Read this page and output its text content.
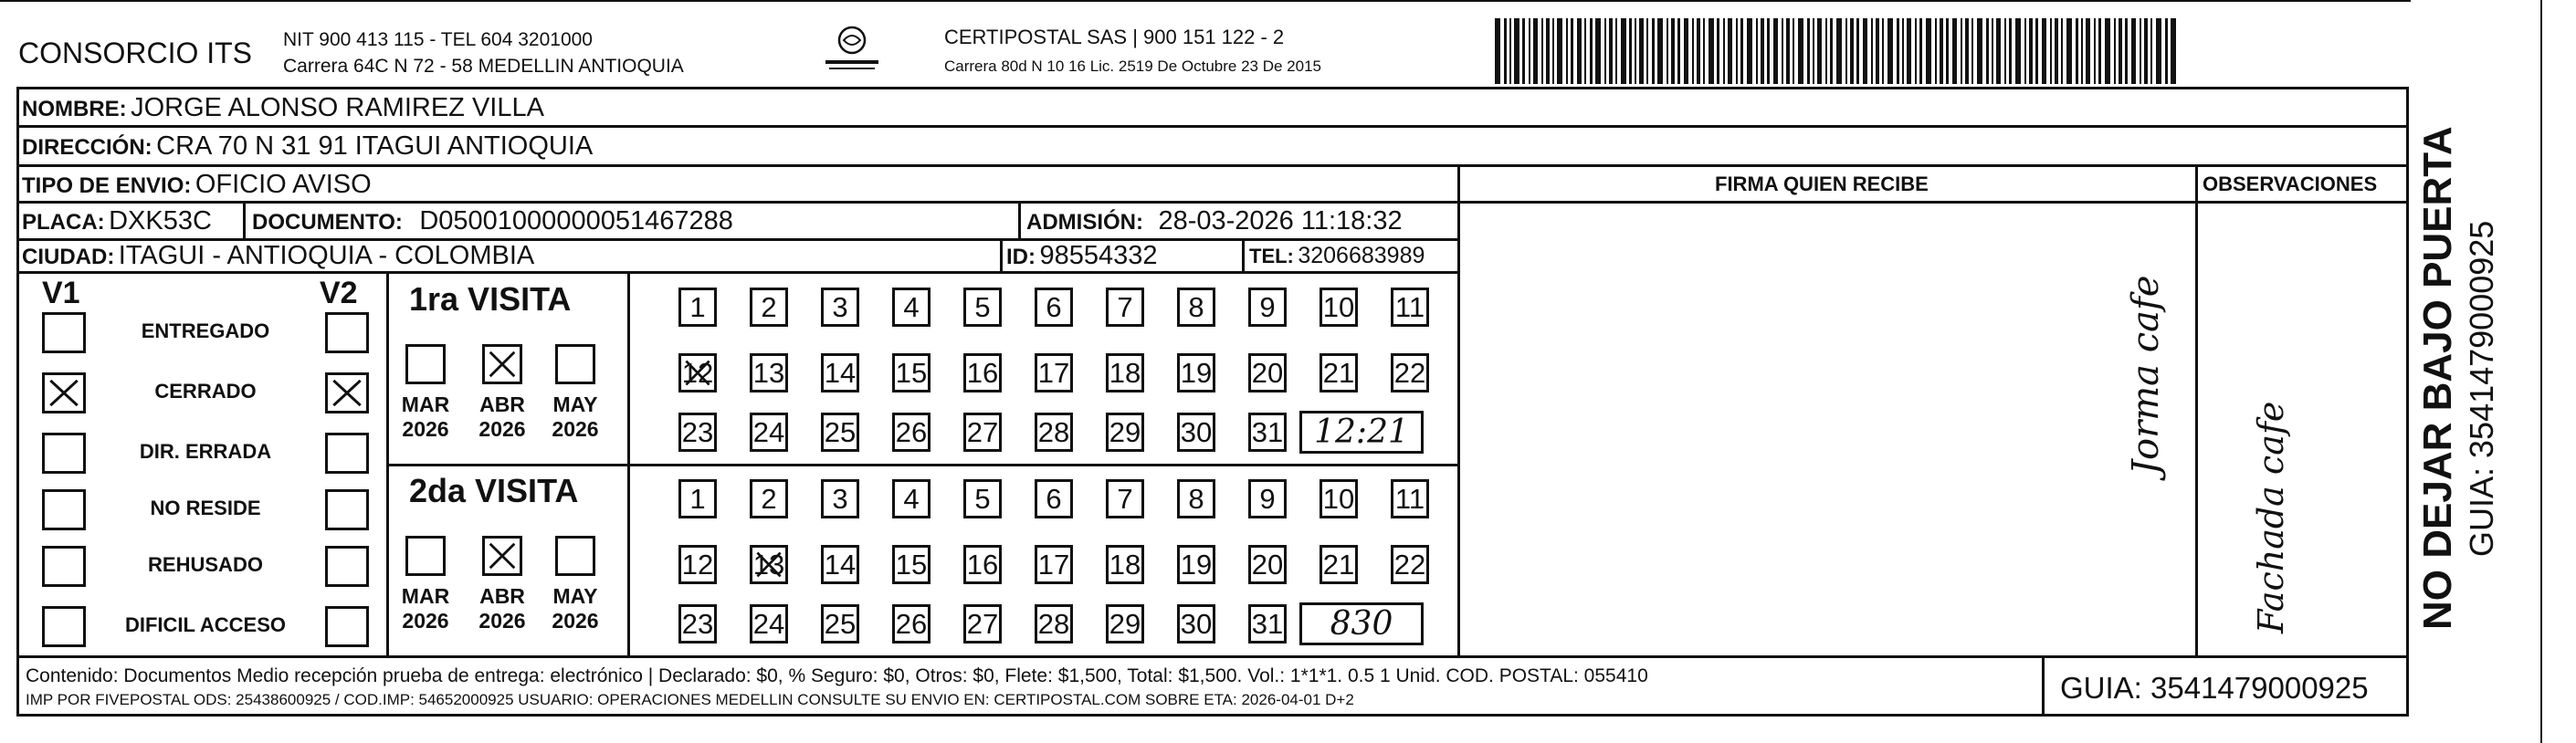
CONSORCIO ITS NIT 900 413 115 - TEL 604 3201000
Carrera 64C N 72 - 58 MEDELLIN ANTIOQUIA
CERTIPOSTAL SAS | 900 151 122 - 2
Carrera 80d N 10 16 Lic. 2519 De Octubre 23 De 2015
NOMBRE: JORGE ALONSO RAMIREZ VILLA
DIRECCIÓN: CRA 70 N 31 91 ITAGUI ANTIOQUIA
TIPO DE ENVIO: OFICIO AVISO
PLACA: DXK53C DOCUMENTO: D05001000000051467288	ADMISIÓN: 28-03-2026 11:18:32
CIUDAD: ITAGUI - ANTIOQUIA - COLOMBIA	ID: 98554332	TEL: 3206683989
FIRMA QUIEN RECIBE	OBSERVACIONES
Jorma cafe
Fachada cafe
V1	V2
ENTREGADO
CERRADO
DIR. ERRADA
NO RESIDE
REHUSADO
DIFICIL ACCESO
1ra VISITA
2da VISITA
MAR
2026
ABR
2026
MAY
2026
1 2 3 4 5 6 7 8 9 10 11
12 13 14 15 16 17 18 19 20 21 22
23 24 25 26 27 28 29 30 31 12:21
MAR
2026
ABR
2026
MAY
2026
1 2 3 4 5 6 7 8 9 10 11
12 13 14 15 16 17 18 19 20 21 22
23 24 25 26 27 28 29 30 31 830
Contenido: Documentos Medio recepción prueba de entrega: electrónico | Declarado: $0, % Seguro: $0, Otros: $0, Flete: $1,500, Total: $1,500. Vol.: 1*1*1. 0.5 1 Unid. COD. POSTAL: 055410
IMP POR FIVEPOSTAL ODS: 25438600925 / COD.IMP: 54652000925 USUARIO: OPERACIONES MEDELLIN CONSULTE SU ENVIO EN: CERTIPOSTAL.COM SOBRE ETA: 2026-04-01 D+2	GUIA: 3541479000925
NO DEJAR BAJO PUERTA GUIA: 3541479000925
